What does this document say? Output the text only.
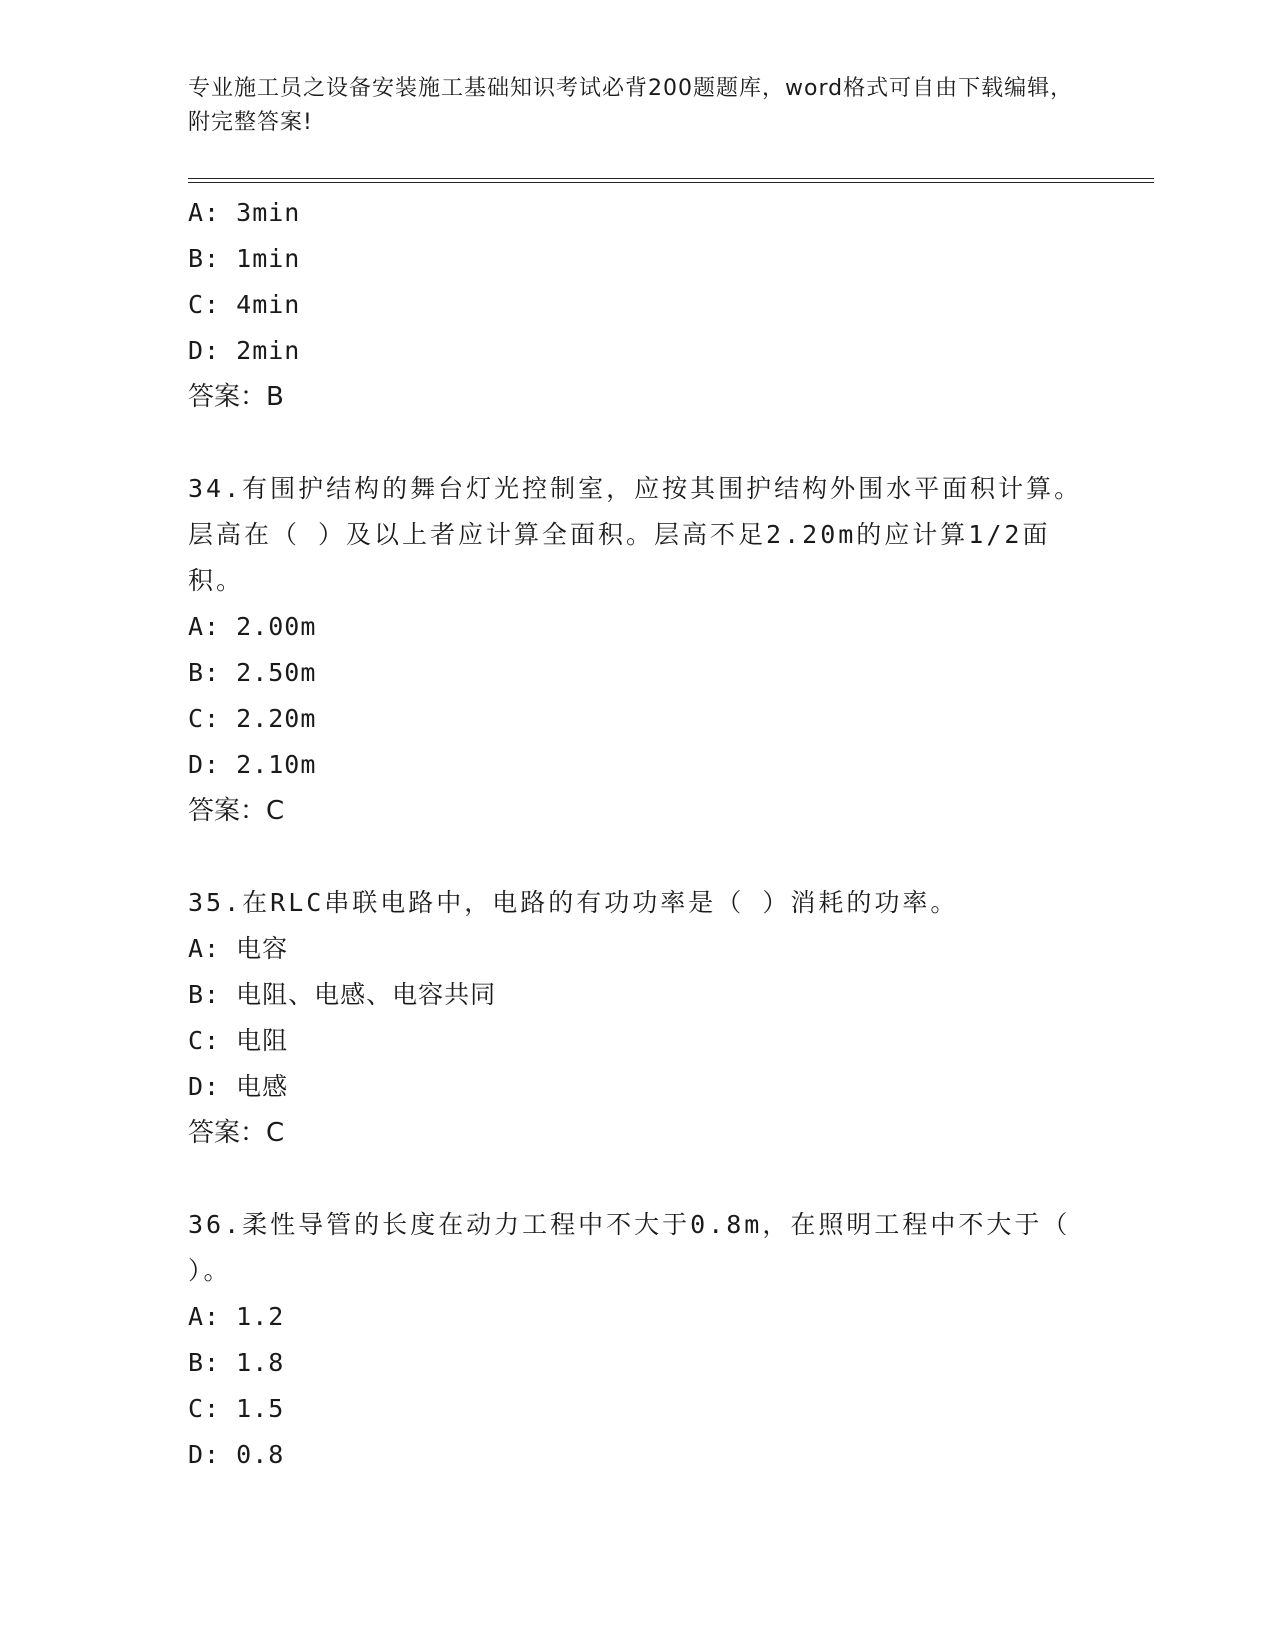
专业施工员之设备安装施工基础知识考试必背200题题库，word格式可自由下载编辑，附完整答案!
A: 3min
B: 1min
C: 4min
D: 2min
答案：B
34.有围护结构的舞台灯光控制室，应按其围护结构外围水平面积计算。层高在（ ）及以上者应计算全面积。层高不足2.20m的应计算1/2面积。
A: 2.00m
B: 2.50m
C: 2.20m
D: 2.10m
答案：C
35.在RLC串联电路中，电路的有功功率是（ ）消耗的功率。
A: 电容
B: 电阻、电感、电容共同
C: 电阻
D: 电感
答案：C
36.柔性导管的长度在动力工程中不大于0.8m，在照明工程中不大于（ ）。
A: 1.2
B: 1.8
C: 1.5
D: 0.8
